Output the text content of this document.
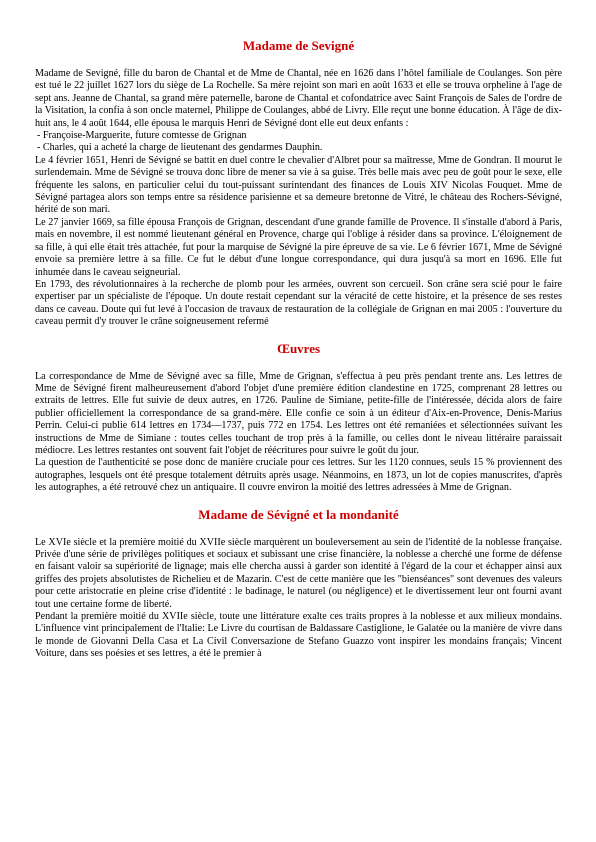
Madame de Sevigné

Madame de Sevigné, fille du baron de Chantal et de Mme de Chantal, née en 1626 dans l’hôtel familiale de Coulanges. Son père est tué le 22 juillet 1627 lors du siège de La Rochelle. Sa mère rejoint son mari en août 1633 et elle se trouva orpheline à l'age de sept ans. Jeanne de Chantal, sa grand mère paternelle, barone de Chantal et cofondatrice avec Saint François de Sales de l'ordre de la Visitation, la confia à son oncle maternel, Philippe de Coulanges, abbé de Livry. Elle reçut une bonne éducation. À l'âge de dix-huit ans, le 4 août 1644, elle épousa le marquis Henri de Sévigné dont elle eut deux enfants :

- Françoise-Marguerite, future comtesse de Grignan

- Charles, qui a acheté la charge de lieutenant des gendarmes Dauphin.

Le 4 février 1651, Henri de Sévigné se battit en duel contre le chevalier d'Albret pour sa maîtresse, Mme de Gondran. Il mourut le surlendemain. Mme de Sévigné se trouva donc libre de mener sa vie à sa guise. Très belle mais avec peu de goût pour le sexe, elle fréquente les salons, en particulier celui du tout-puissant surintendant des finances de Louis XIV Nicolas Fouquet. Mme de Sévigné partagea alors son temps entre sa résidence parisienne et sa demeure bretonne de Vitré, le château des Rochers-Sévigné, hérité de son mari.

Le 27 janvier 1669, sa fille épousa François de Grignan, descendant d'une grande famille de Provence. Il s'installe d'abord à Paris, mais en novembre, il est nommé lieutenant général en Provence, charge qui l'oblige à résider dans sa province. L'éloignement de sa fille, à qui elle était très attachée, fut pour la marquise de Sévigné la pire épreuve de sa vie. Le 6 février 1671, Mme de Sévigné envoie sa première lettre à sa fille. Ce fut le début d'une longue correspondance, qui dura jusqu'à sa mort en 1696. Elle fut inhumée dans le caveau seigneurial.

En 1793, des révolutionnaires à la recherche de plomb pour les armées, ouvrent son cercueil. Son crâne sera scié pour le faire expertiser par un spécialiste de l'époque. Un doute restait cependant sur la véracité de cette histoire, et la présence de ses restes dans ce caveau. Doute qui fut levé à l'occasion de travaux de restauration de la collégiale de Grignan en mai 2005 : l'ouverture du caveau permit d'y trouver le crâne soigneusement refermé

Œuvres

La correspondance de Mme de Sévigné avec sa fille, Mme de Grignan, s'effectua à peu près pendant trente ans. Les lettres de Mme de Sévigné firent malheureusement d'abord l'objet d'une première édition clandestine en 1725, comprenant 28 lettres ou extraits de lettres. Elle fut suivie de deux autres, en 1726. Pauline de Simiane, petite-fille de l'intéressée, décida alors de faire publier officiellement la correspondance de sa grand-mère. Elle confie ce soin à un éditeur d'Aix-en-Provence, Denis-Marius Perrin. Celui-ci publie 614 lettres en 1734—1737, puis 772 en 1754. Les lettres ont été remaniées et sélectionnées suivant les instructions de Mme de Simiane : toutes celles touchant de trop près à la famille, ou celles dont le niveau littéraire paraissait médiocre. Les lettres restantes ont souvent fait l'objet de réécritures pour suivre le goût du jour.

La question de l'authenticité se pose donc de manière cruciale pour ces lettres. Sur les 1120 connues, seuls 15 % proviennent des autographes, lesquels ont été presque totalement détruits après usage. Néanmoins, en 1873, un lot de copies manuscrites, d'après les autographes, a été retrouvé chez un antiquaire. Il couvre environ la moitié des lettres adressées à Mme de Grignan.

Madame de Sévigné et la mondanité

Le XVIe siècle et la première moitié du XVIIe siècle marquèrent un bouleversement au sein de l'identité de la noblesse française. Privée d'une série de privilèges politiques et sociaux et subissant une crise financière, la noblesse a cherché une forme de défense en faisant valoir sa supériorité de lignage; mais elle chercha aussi à garder son identité à l'égard de la cour et échapper ainsi aux griffes des projets absolutistes de Richelieu et de Mazarin. C'est de cette manière que les "bienséances" sont devenues des valeurs pour cette aristocratie en pleine crise d'identité : le badinage, le naturel (ou négligence) et le divertissement leur ont fourni avant tout une certaine forme de liberté.

Pendant la première moitié du XVIIe siècle, toute une littérature exalte ces traits propres à la noblesse et aux milieux mondains. L'influence vint principalement de l'Italie: Le Livre du courtisan de Baldassare Castiglione, le Galatée ou la manière de vivre dans le monde de Giovanni Della Casa et La Civil Conversazione de Stefano Guazzo vont inspirer les mondains français; Vincent Voiture, dans ses poésies et ses lettres, a été le premier à
